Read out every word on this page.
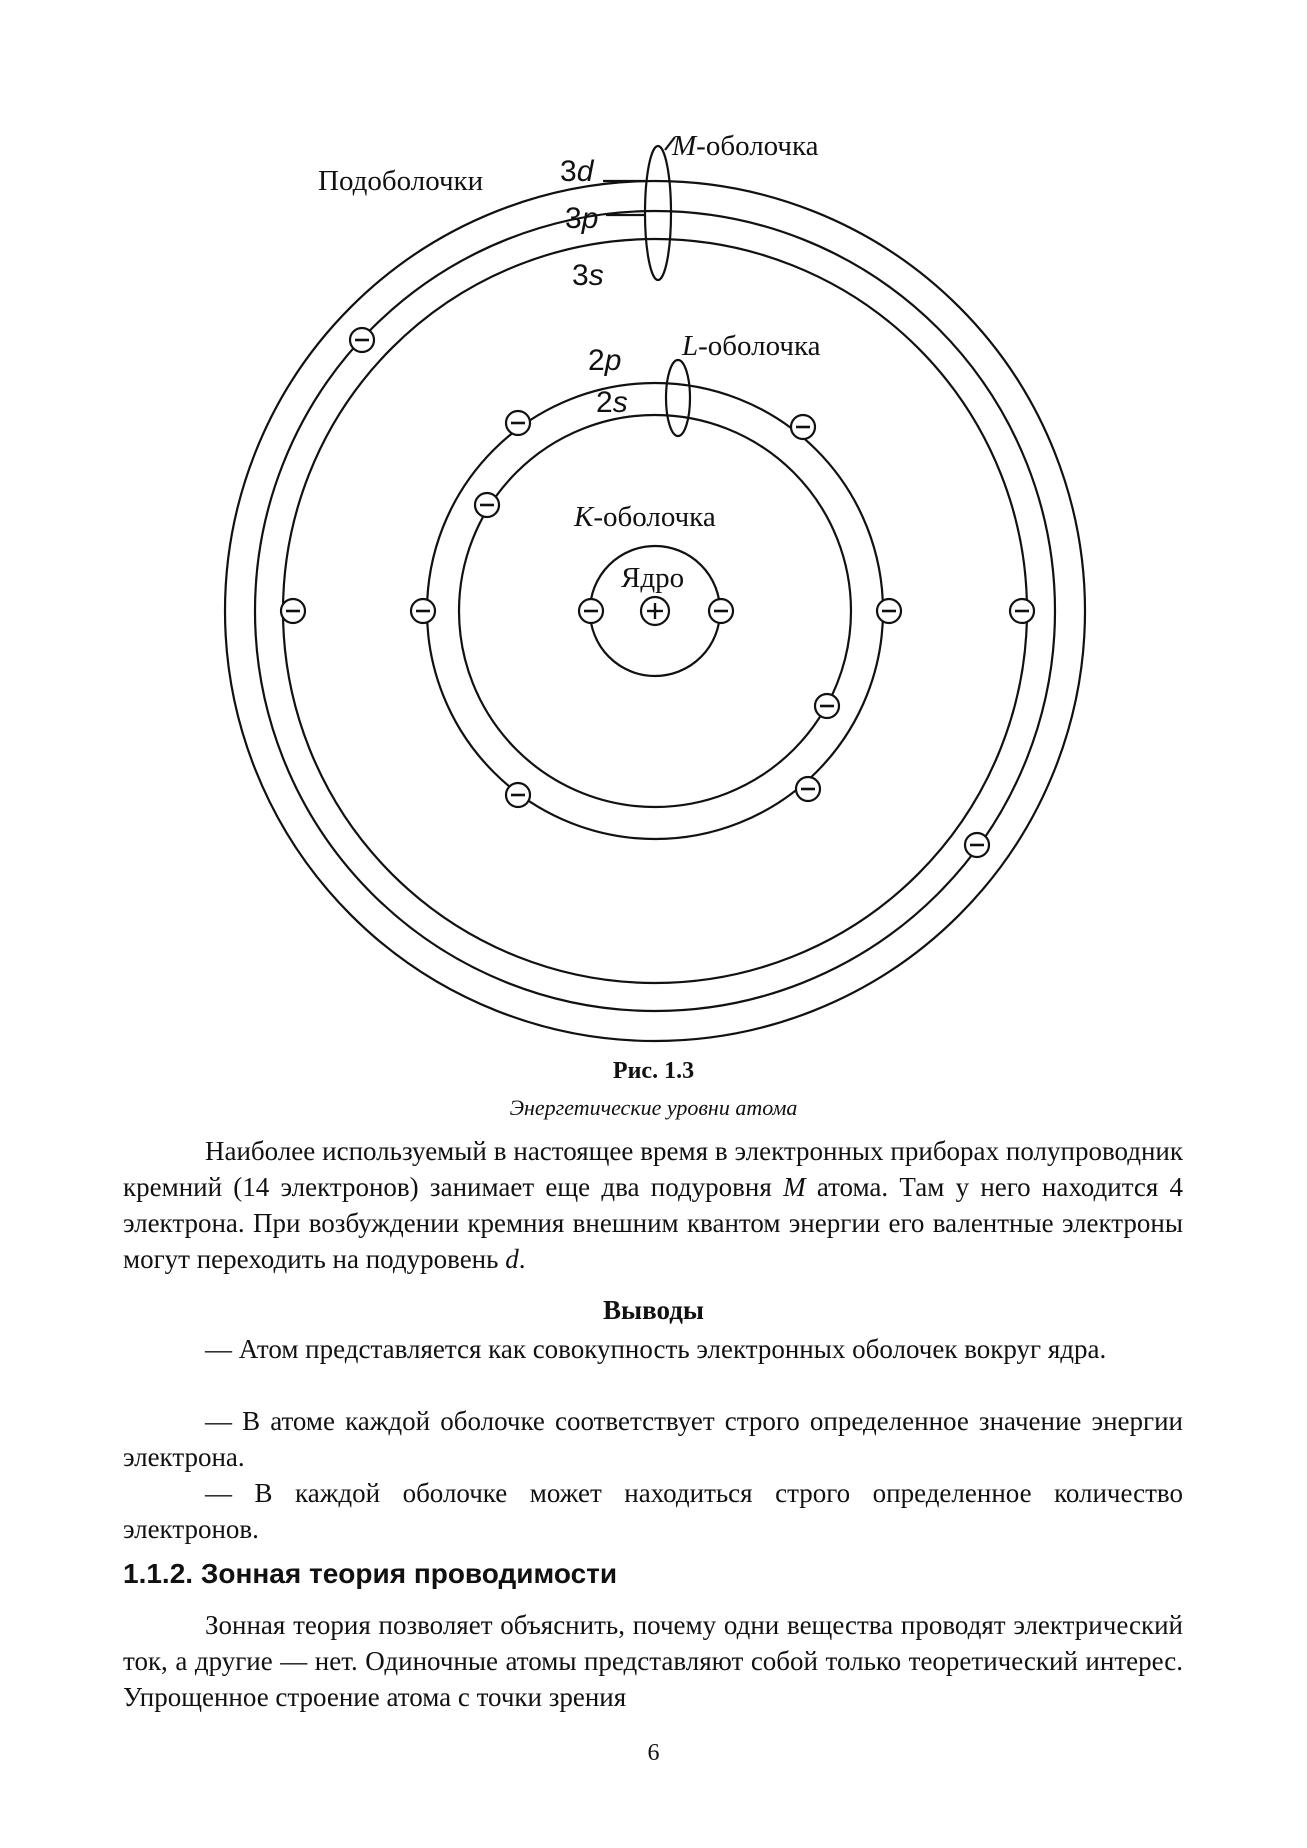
Подоболочки	3d
3p
3s
M-оболочка
2p
2s
L-оболочка
K-оболочка
Ядро
Рис. 1.3
Энергетические уровни атома

Наиболее используемый в настоящее время в электронных приборах полупроводник кремний (14 электронов) занимает еще два подуровня M атома. Там у него находится 4 электрона. При возбуждении кремния внешним квантом энергии его валентные электроны могут переходить на подуровень d.

Выводы

— Атом представляется как совокупность электронных оболочек вокруг ядра.

— В атоме каждой оболочке соответствует строго определенное значение энергии электрона.

— В каждой оболочке может находиться строго определенное количество электронов.

1.1.2. Зонная теория проводимости

Зонная теория позволяет объяснить, почему одни вещества проводят электрический ток, а другие — нет. Одиночные атомы представляют собой только теоретический интерес. Упрощенное строение атома с точки зрения

6
